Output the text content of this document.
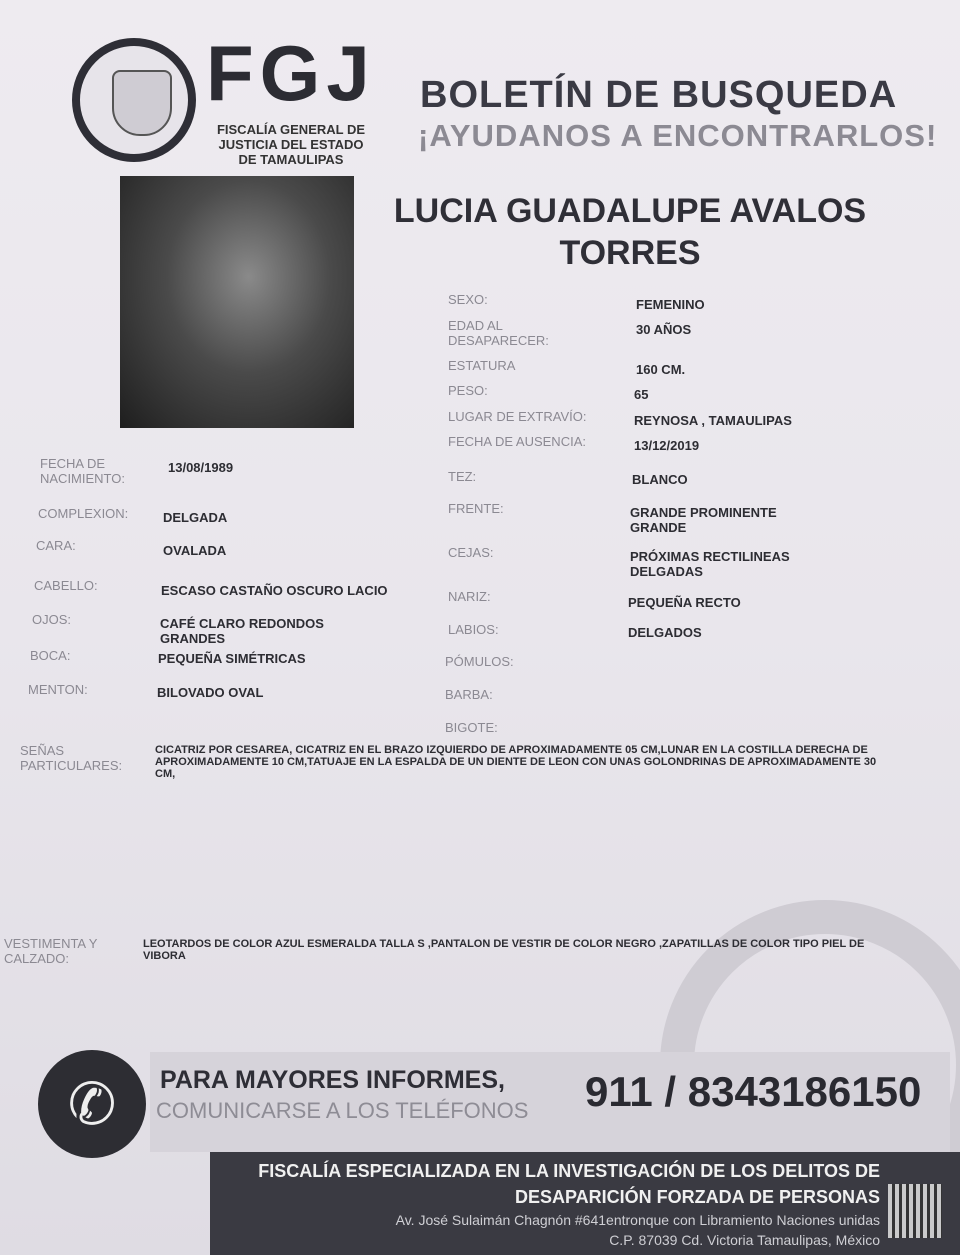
FGJ
FISCALÍA GENERAL DE
JUSTICIA DEL ESTADO
DE TAMAULIPAS
BOLETÍN DE BUSQUEDA
¡AYUDANOS A ENCONTRARLOS!
LUCIA GUADALUPE AVALOS
TORRES
SEXO:	FEMENINO
EDAD AL DESAPARECER:
30 AÑOS
ESTATURA	160 CM.
PESO:	65
LUGAR DE EXTRAVÍO:	REYNOSA , TAMAULIPAS
FECHA DE AUSENCIA:	13/12/2019
TEZ:	BLANCO
FRENTE:	GRANDE PROMINENTE GRANDE
CEJAS:	PRÓXIMAS RECTILINEAS DELGADAS
NARIZ:	PEQUEÑA RECTO
LABIOS:	DELGADOS
PÓMULOS:
BARBA:
BIGOTE:
FECHA DE NACIMIENTO:
13/08/1989
COMPLEXION:	DELGADA
CARA:	OVALADA
CABELLO:	ESCASO CASTAÑO OSCURO LACIO
OJOS:	CAFÉ CLARO REDONDOS GRANDES
BOCA:	PEQUEÑA SIMÉTRICAS
MENTON:	BILOVADO OVAL
SEÑAS PARTICULARES:
CICATRIZ POR CESAREA, CICATRIZ EN EL BRAZO IZQUIERDO DE APROXIMADAMENTE 05 CM,LUNAR EN LA COSTILLA DERECHA DE APROXIMADAMENTE 10 CM,TATUAJE EN LA ESPALDA DE UN DIENTE DE LEON CON UNAS GOLONDRINAS DE APROXIMADAMENTE 30 CM,
VESTIMENTA Y CALZADO:
LEOTARDOS DE COLOR AZUL ESMERALDA TALLA S ,PANTALON DE VESTIR DE COLOR NEGRO ,ZAPATILLAS DE COLOR TIPO PIEL DE VIBORA
✆	PARA MAYORES INFORMES,
COMUNICARSE A LOS TELÉFONOS 911 / 8343186150
FISCALÍA ESPECIALIZADA EN LA INVESTIGACIÓN DE LOS DELITOS DE
DESAPARICIÓN FORZADA DE PERSONAS
Av. José Sulaimán Chagnón #641entronque con Libramiento Naciones unidas
C.P. 87039 Cd. Victoria Tamaulipas, México
